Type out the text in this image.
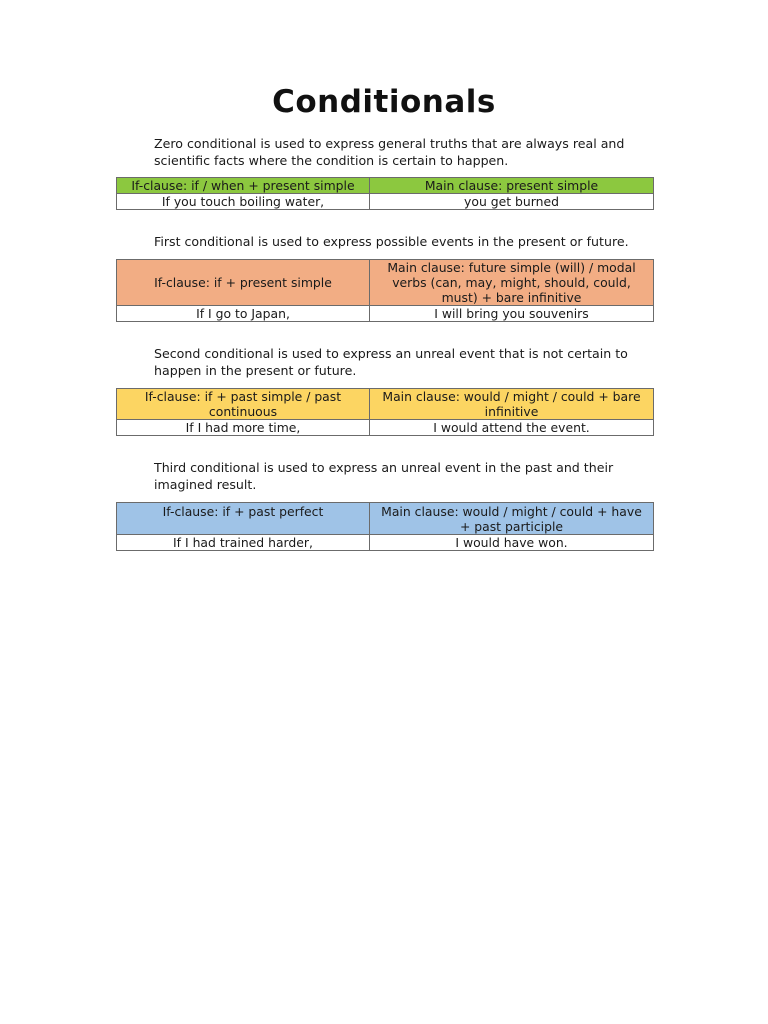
Conditionals
Zero conditional is used to express general truths that are always real and scientific facts where the condition is certain to happen.
If-clause: if / when + present simple	Main clause: present simple
If you touch boiling water,	you get burned
First conditional is used to express possible events in the present or future.
If-clause: if + present simple	Main clause: future simple (will) / modal verbs (can, may, might, should, could, must) + bare infinitive
If I go to Japan,	I will bring you souvenirs
Second conditional is used to express an unreal event that is not certain to happen in the present or future.
If-clause: if + past simple / past continuous	Main clause: would / might / could + bare infinitive
If I had more time,	I would attend the event.
Third conditional is used to express an unreal event in the past and their imagined result.
If-clause: if + past perfect	Main clause: would / might / could + have + past participle
If I had trained harder,	I would have won.
